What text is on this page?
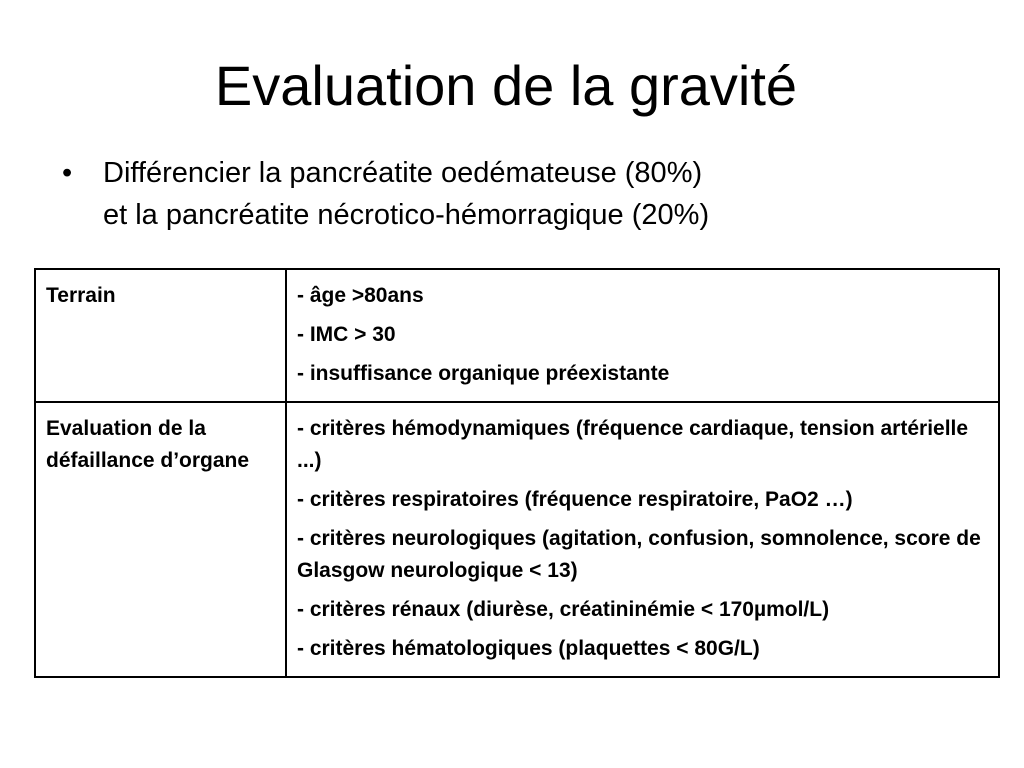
Evaluation de la gravité
•	Différencier la pancréatite oedémateuse (80%)
et la pancréatite nécrotico-hémorragique (20%)
Terrain	- âge >80ans
- IMC > 30
- insuffisance organique préexistante

Evaluation de la défaillance d’organe	- critères hémodynamiques (fréquence cardiaque, tension artérielle ...)
- critères respiratoires (fréquence respiratoire, PaO2 …)
- critères neurologiques (agitation, confusion, somnolence, score de Glasgow neurologique < 13)
- critères rénaux (diurèse, créatininémie < 170µmol/L)
- critères hématologiques (plaquettes < 80G/L)
